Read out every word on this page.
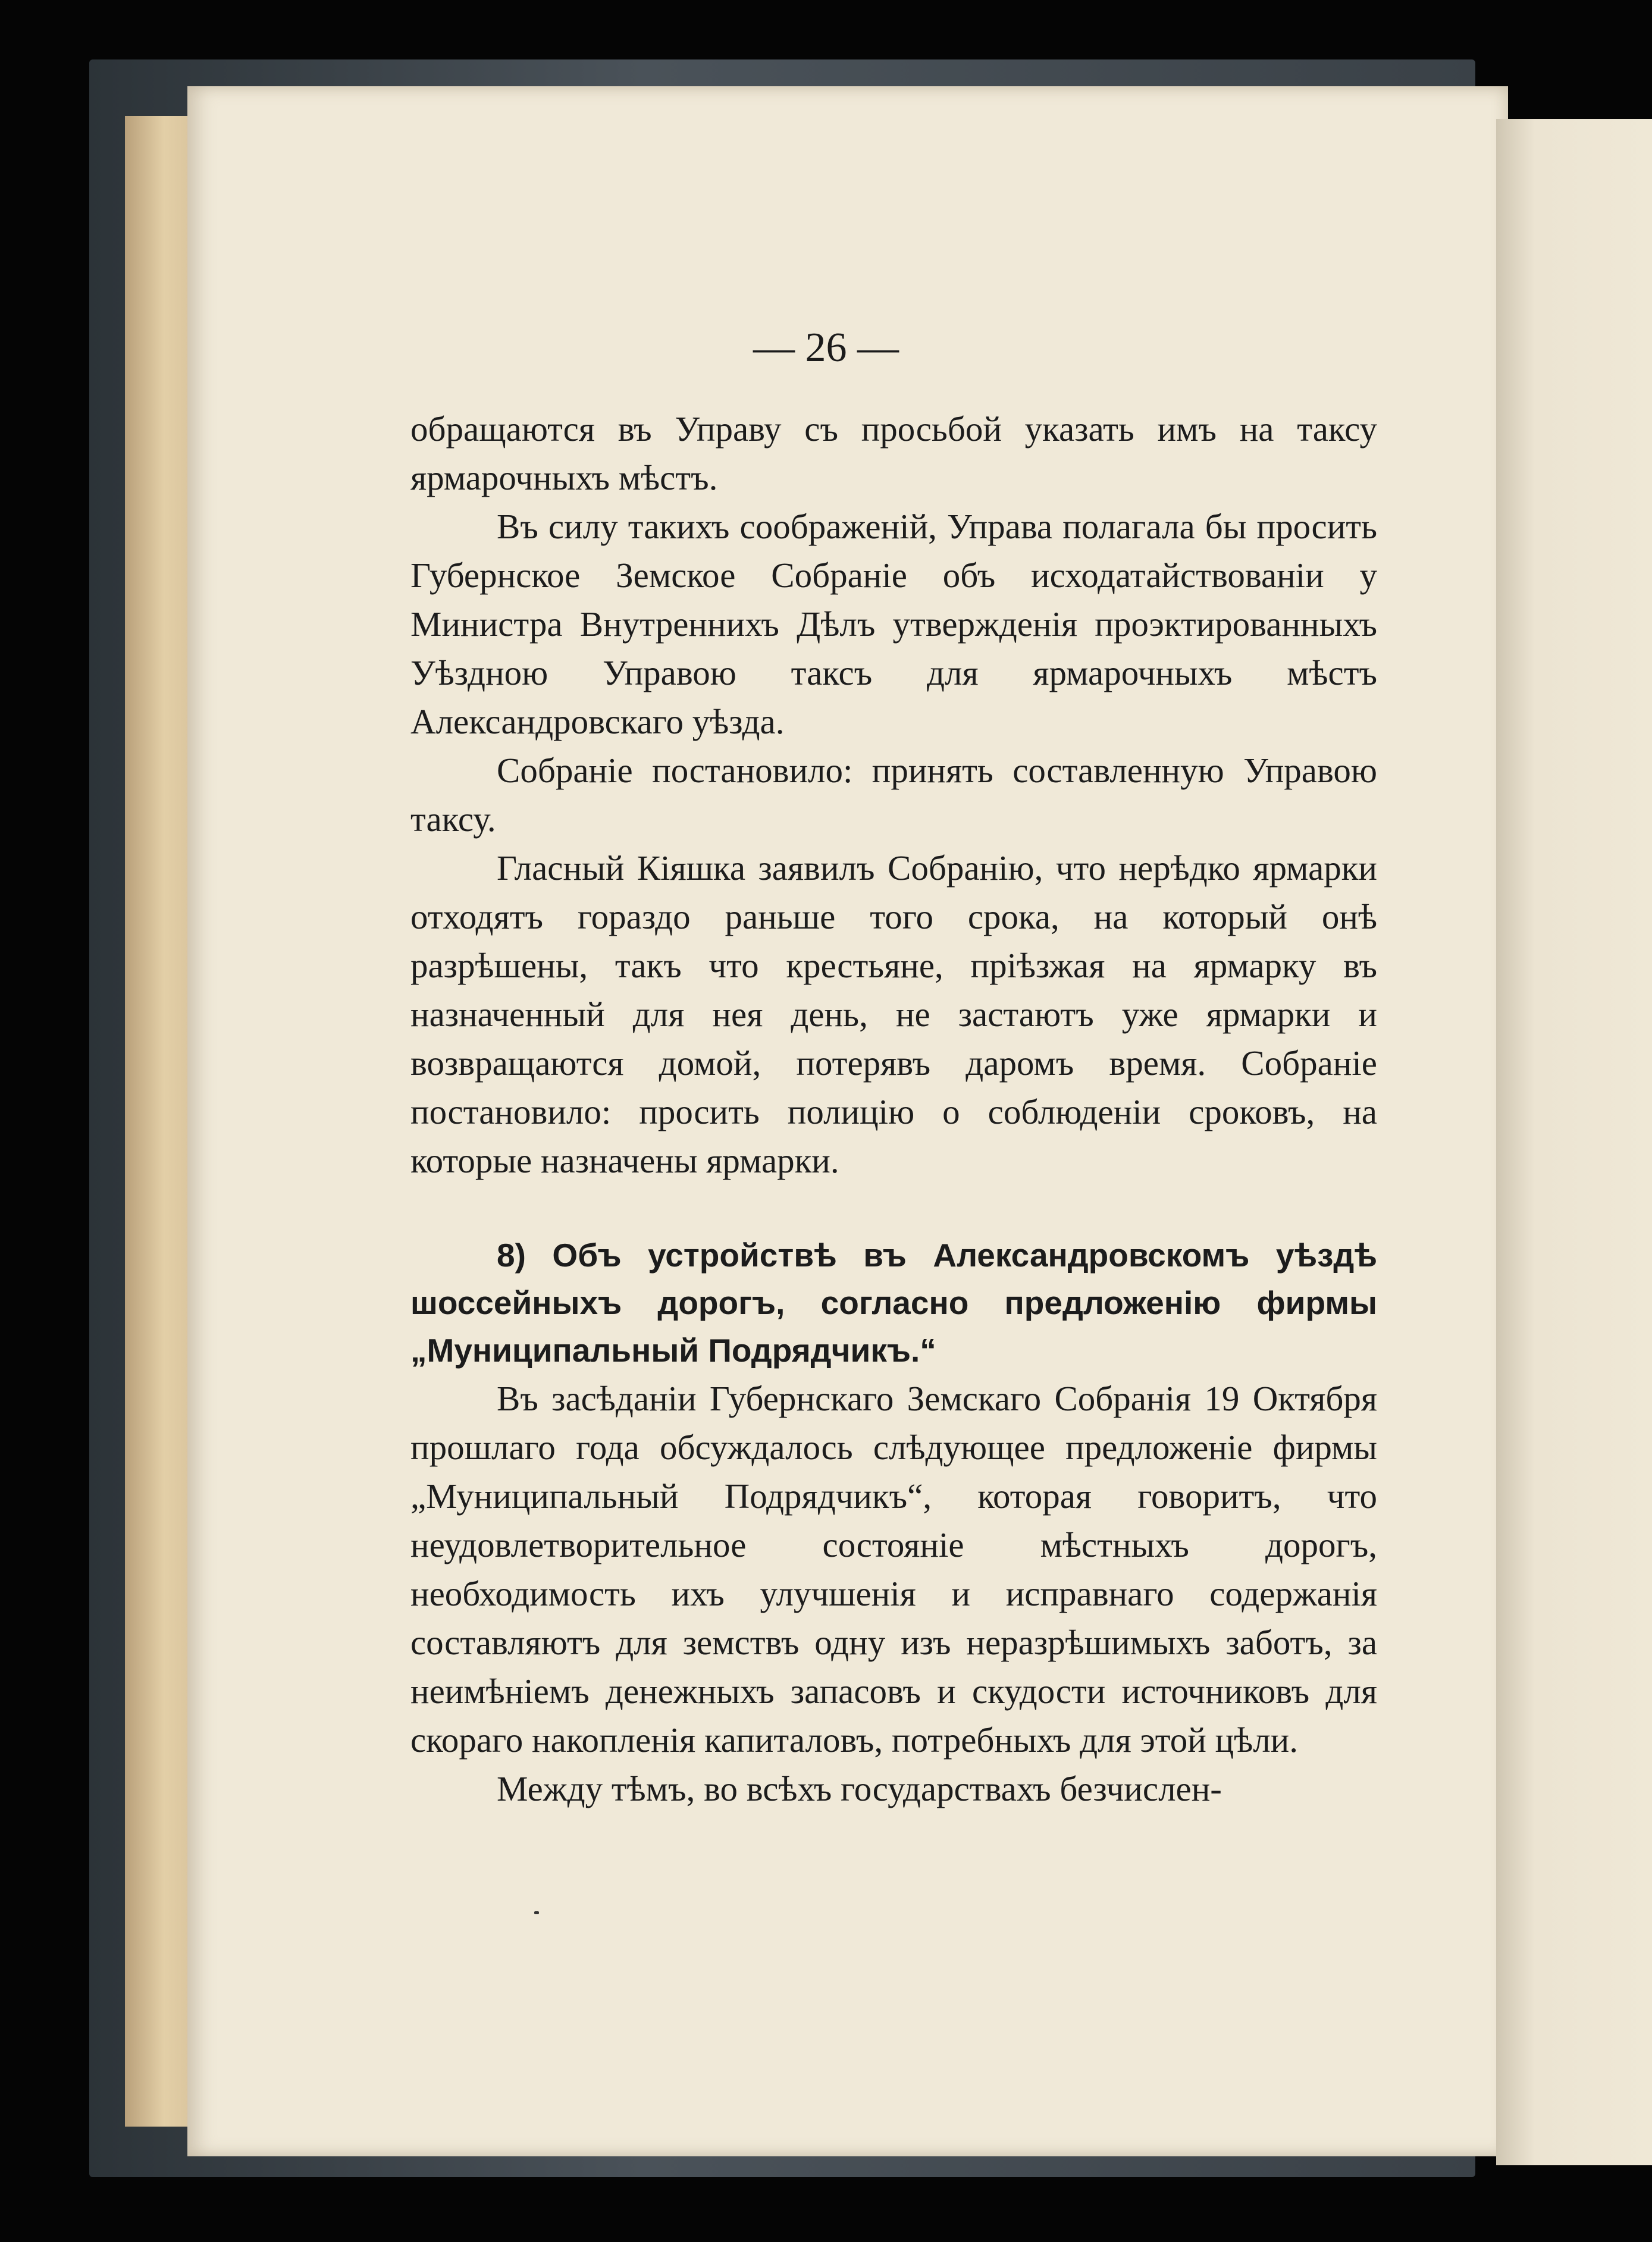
— 26 —

обращаются въ Управу съ просьбой указать имъ на таксу ярмарочныхъ мѣстъ.

Въ силу такихъ соображеній, Управа полагала бы просить Губернское Земское Собраніе объ исходатайствованіи у Министра Внутреннихъ Дѣлъ утвержденія проэктированныхъ Уѣздною Управою таксъ для ярмарочныхъ мѣстъ Александровскаго уѣзда.

Собраніе постановило: принять составленную Управою таксу.

Гласный Кіяшка заявилъ Собранію, что нерѣдко ярмарки отходятъ гораздо раньше того срока, на который онѣ разрѣшены, такъ что крестьяне, пріѣзжая на ярмарку въ назначенный для нея день, не застаютъ уже ярмарки и возвращаются домой, потерявъ даромъ время. Собраніе постановило: просить полицію о соблюденіи сроковъ, на которые назначены ярмарки.

8) Объ устройствѣ въ Александровскомъ уѣздѣ шоссейныхъ дорогъ, согласно предложенію фирмы „Муниципальный Подрядчикъ.“

Въ засѣданіи Губернскаго Земскаго Собранія 19 Октября прошлаго года обсуждалось слѣдующее предложеніе фирмы „Муниципальный Подрядчикъ“, которая говоритъ, что неудовлетворительное состояніе мѣстныхъ дорогъ, необходимость ихъ улучшенія и исправнаго содержанія составляютъ для земствъ одну изъ неразрѣшимыхъ заботъ, за неимѣніемъ денежныхъ запасовъ и скудости источниковъ для скораго накопленія капиталовъ, потребныхъ для этой цѣли.

Между тѣмъ, во всѣхъ государствахъ безчислен-
